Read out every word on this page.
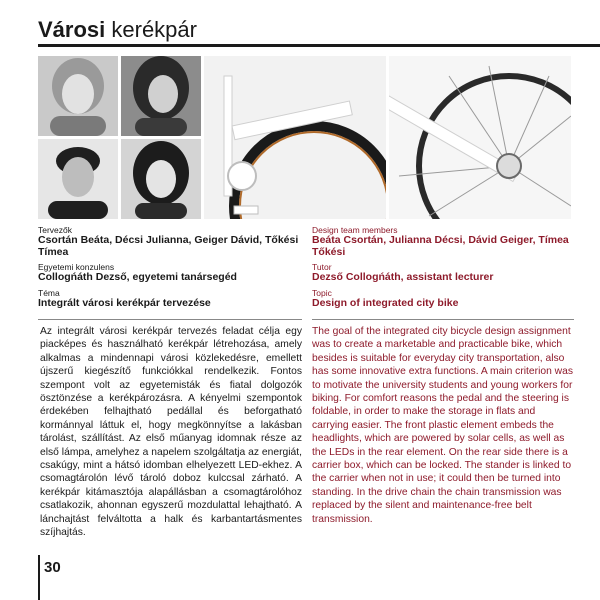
Városi kerékpár
Tervezők
Csortán Beáta, Décsi Julianna, Geiger Dávid, Tőkési Tímea
Egyetemi konzulens
Collogńáth Dezső, egyetemi tanársegéd
Téma
Integrált városi kerékpár tervezése
Design team members
Beáta Csortán, Julianna Décsi, Dávid Geiger, Tímea Tőkési
Tutor
Dezső Collogńáth, assistant lecturer
Topic
Design of integrated city bike
Az integrált városi kerékpár tervezés feladat célja egy piacképes és használható kerékpár létrehozása, amely alkalmas a mindennapi városi közlekedésre, emellett újszerű kiegészítő funkciókkal rendelkezik. Fontos szempont volt az egyetemisták és fiatal dolgozók ösztönzése a kerékpározásra. A kényelmi szempontok érdekében felhajtható pedállal és beforgatható kormánnyal láttuk el, hogy megkönnyítse a lakásban tárolást, szállítást. Az első műanyag idomnak része az első lámpa, amelyhez a napelem szolgáltatja az energiát, csakúgy, mint a hátsó idomban elhelyezett LED-ekhez. A csomagtárolón lévő tároló doboz kulccsal zárható. A kerékpár kitámasztója alapállásban a csomagtárolóhoz csatlakozik, ahonnan egyszerű mozdulattal lehajtható. A lánchajtást felváltotta a halk és karbantartásmentes szíjhajtás.
The goal of the integrated city bicycle design assignment was to create a marketable and practicable bike, which besides is suitable for everyday city transportation, also has some innovative extra functions. A main criterion was to motivate the university students and young workers for biking. For comfort reasons the pedal and the steering is foldable, in order to make the storage in flats and carrying easier. The front plastic element embeds the headlights, which are powered by solar cells, as well as the LEDs in the rear element. On the rear side there is a carrier box, which can be locked. The stander is linked to the carrier when not in use; it could then be turned into standing. In the drive chain the chain transmission was replaced by the silent and maintenance-free belt transmission.
30
